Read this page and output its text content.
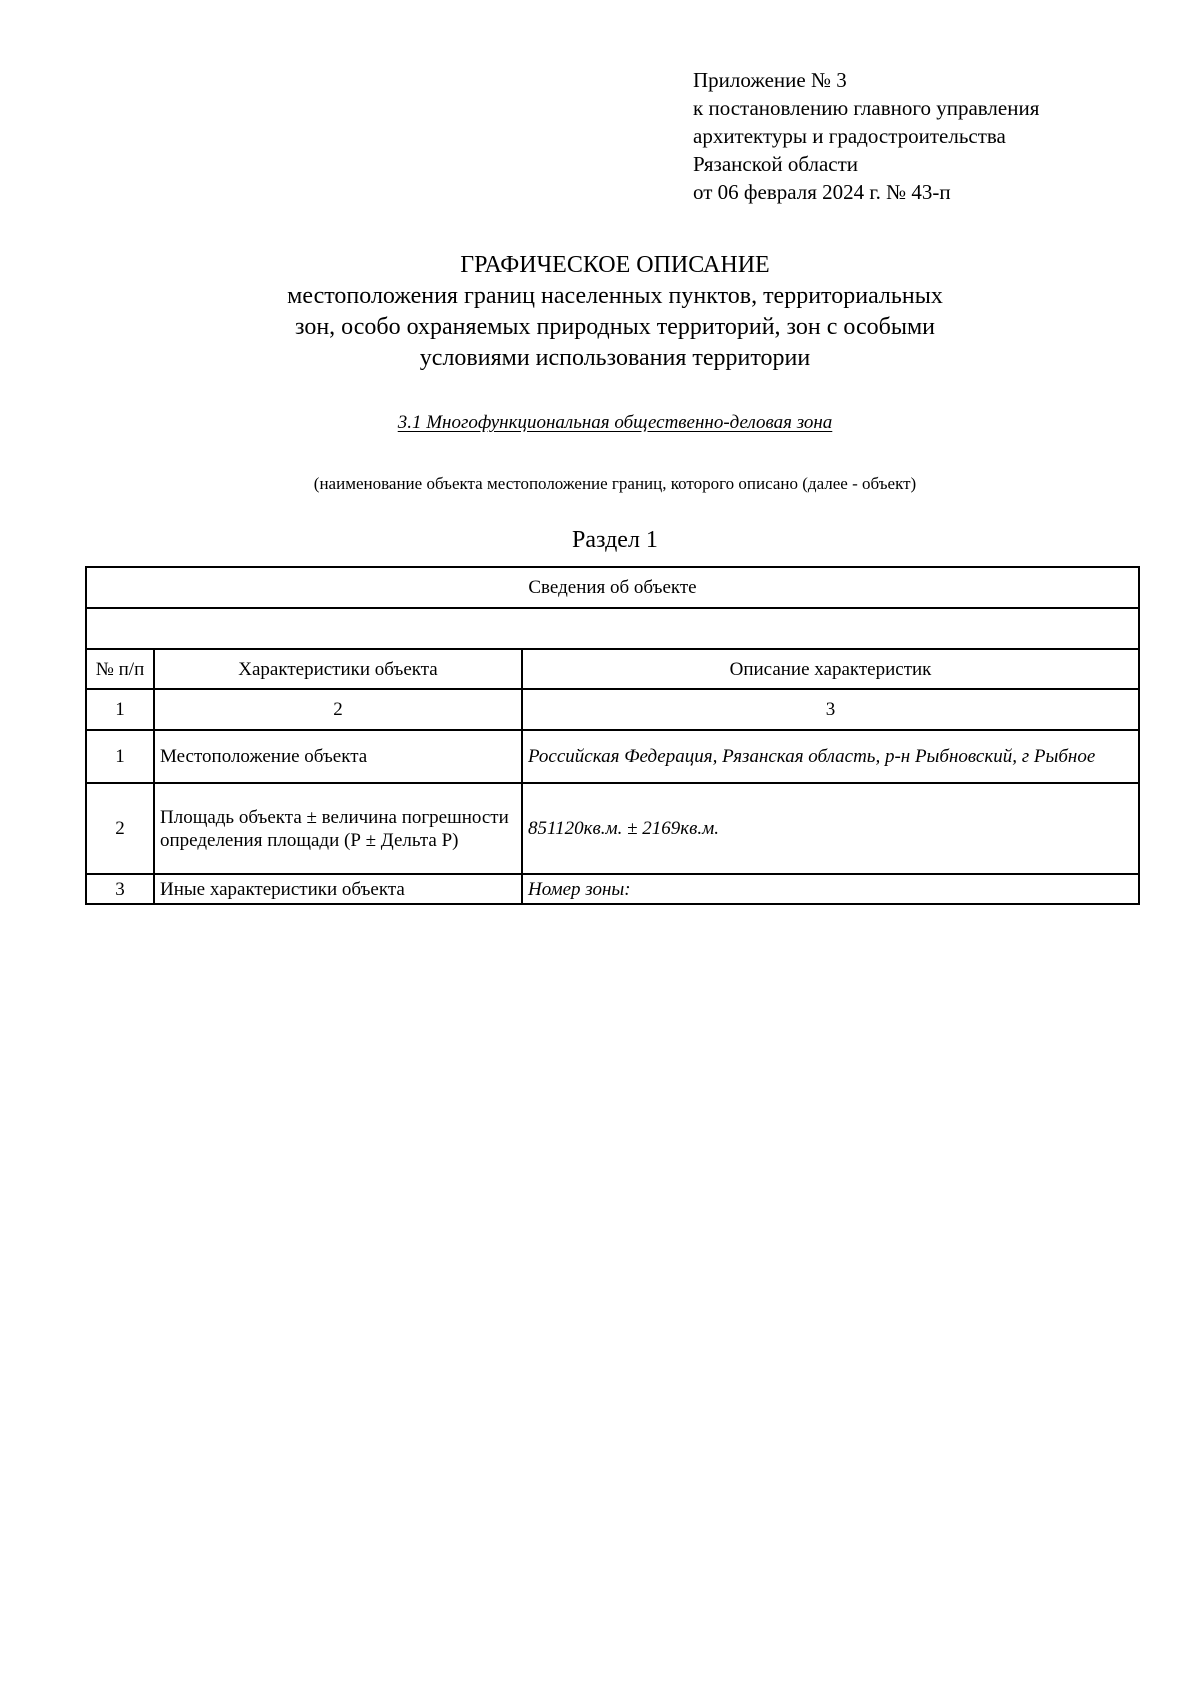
Приложение № 3
к постановлению главного управления
архитектуры и градостроительства
Рязанской области
от 06 февраля 2024 г. № 43-п
ГРАФИЧЕСКОЕ ОПИСАНИЕ
местоположения границ населенных пунктов, территориальных
зон, особо охраняемых природных территорий, зон с особыми
условиями использования территории
3.1 Многофункциональная общественно-деловая зона
(наименование объекта местоположение границ, которого описано (далее - объект)
Раздел 1
Сведения об объекте		

№ п/п	Характеристики объекта	Описание характеристик
1	2	3
1	Местоположение объекта	Российская Федерация, Рязанская область, р-н Рыбновский, г Рыбное
2	Площадь объекта ± величина погрешности определения площади (Р ± Дельта Р)	851120кв.м. ± 2169кв.м.
3	Иные характеристики объекта	Номер зоны:
